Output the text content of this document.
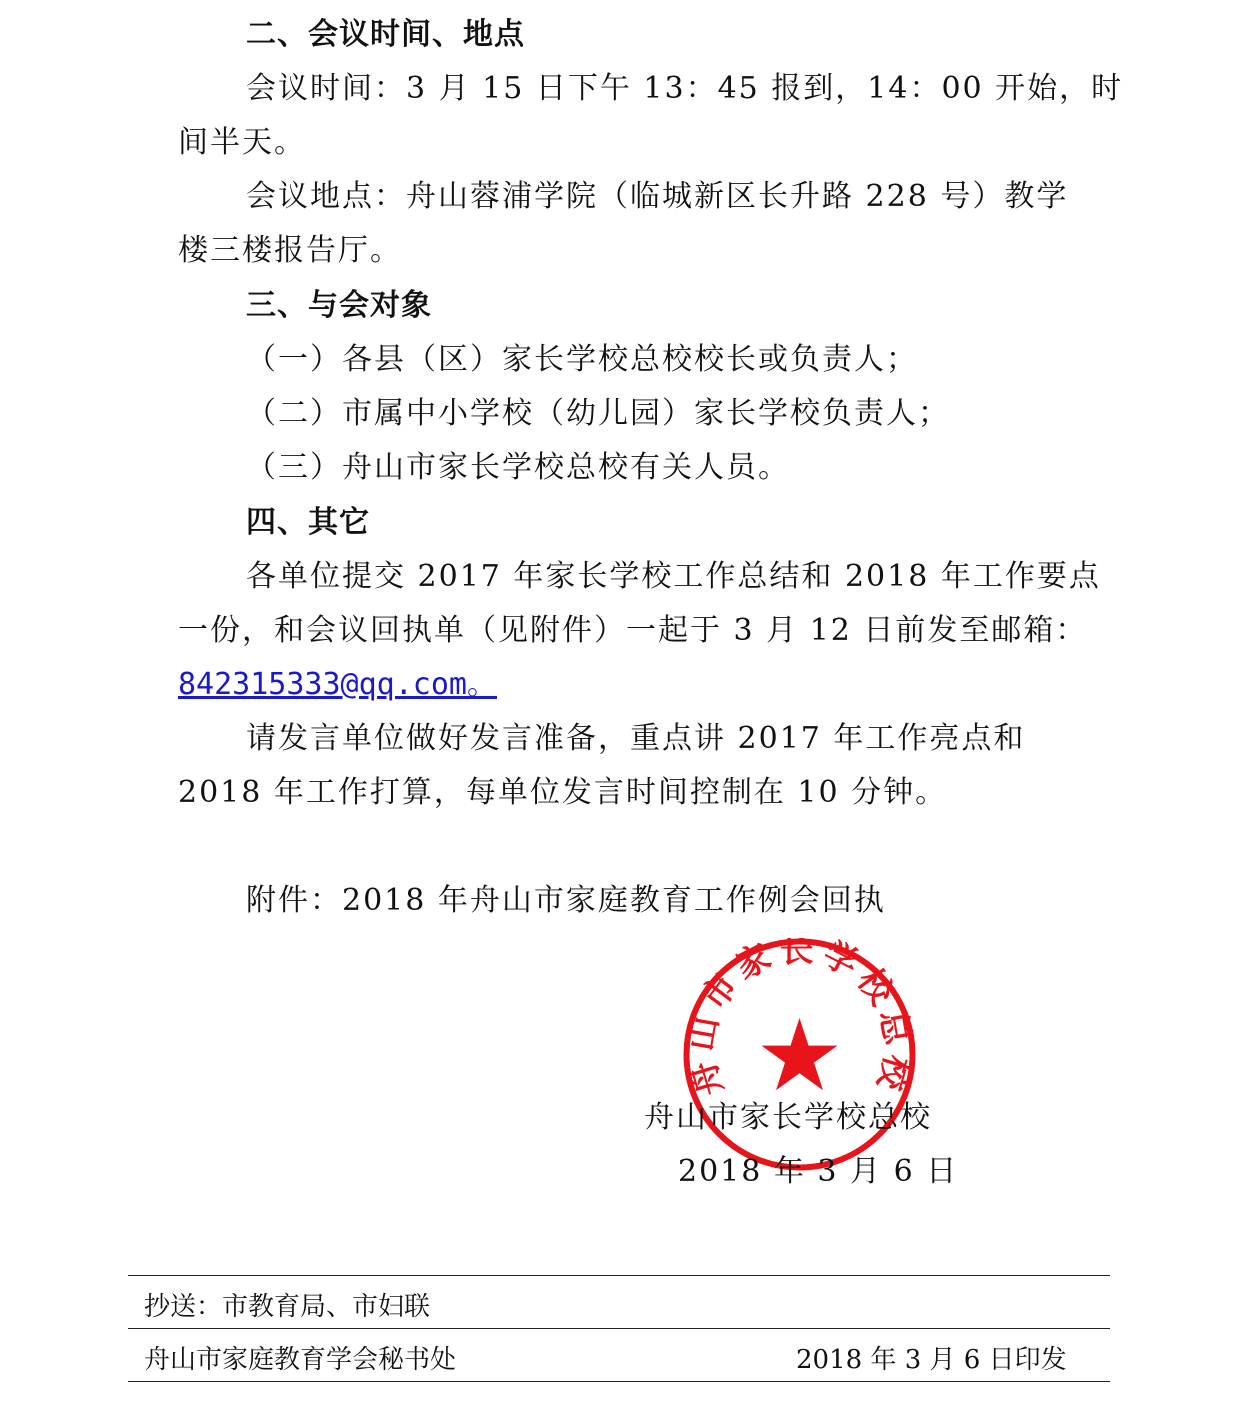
二、会议时间、地点
会议时间：3 月 15 日下午 13：45 报到，14：00 开始，时
间半天。
会议地点：舟山蓉浦学院（临城新区长升路 228 号）教学
楼三楼报告厅。
三、与会对象
（一）各县（区）家长学校总校校长或负责人；
（二）市属中小学校（幼儿园）家长学校负责人；
（三）舟山市家长学校总校有关人员。
四、其它
各单位提交 2017 年家长学校工作总结和 2018 年工作要点
一份，和会议回执单（见附件）一起于 3 月 12 日前发至邮箱：
842315333@qq.com。
请发言单位做好发言准备，重点讲 2017 年工作亮点和
2018 年工作打算，每单位发言时间控制在 10 分钟。
附件：2018 年舟山市家庭教育工作例会回执
舟山市家长学校总校
舟山市家长学校总校
2018 年 3 月 6 日
抄送：市教育局、市妇联
舟山市家庭教育学会秘书处	2018 年 3 月 6 日印发
